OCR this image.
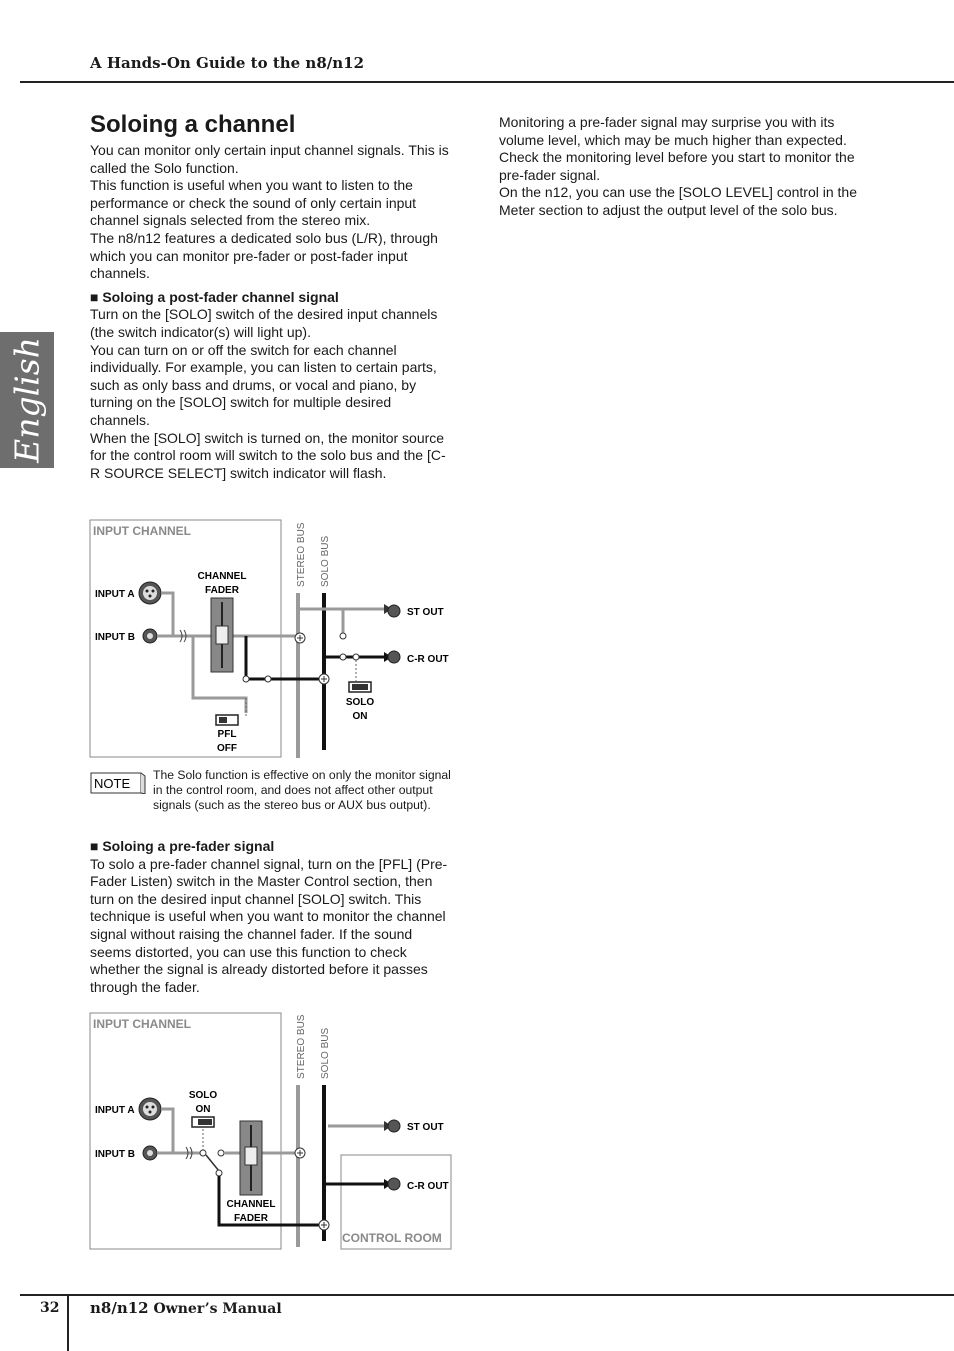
A Hands-On Guide to the n8/n12
English
Soloing a channel

You can monitor only certain input channel signals. This is called the Solo function.

This function is useful when you want to listen to the performance or check the sound of only certain input channel signals selected from the stereo mix.

The n8/n12 features a dedicated solo bus (L/R), through which you can monitor pre-fader or post-fader input channels.

■ Soloing a post-fader channel signal

Turn on the [SOLO] switch of the desired input channels (the switch indicator(s) will light up).

You can turn on or off the switch for each channel individually. For example, you can listen to certain parts, such as only bass and drums, or vocal and piano, by turning on the [SOLO] switch for multiple desired channels.

When the [SOLO] switch is turned on, the monitor source for the control room will switch to the solo bus and the [C-R SOURCE SELECT] switch indicator will flash.

INPUT CHANNEL	STEREO BUS SOLO BUS
INPUT A
INPUT B
CHANNEL
FADER
ST OUT
C-R OUT
SOLO
ON
PFL
OFF
NOTE
The Solo function is effective on only the monitor signal in the control room, and does not affect other output signals (such as the stereo bus or AUX bus output).

■ Soloing a pre-fader signal

To solo a pre-fader channel signal, turn on the [PFL] (Pre-Fader Listen) switch in the Master Control section, then turn on the desired input channel [SOLO] switch. This technique is useful when you want to monitor the channel signal without raising the channel fader. If the sound seems distorted, you can use this function to check whether the signal is already distorted before it passes through the fader.

INPUT CHANNEL	STEREO BUS SOLO BUS
CONTROL ROOM
INPUT A
INPUT B
SOLO
ON
CHANNEL
FADER
ST OUT
C-R OUT

Monitoring a pre-fader signal may surprise you with its volume level, which may be much higher than expected. Check the monitoring level before you start to monitor the pre-fader signal.

On the n12, you can use the [SOLO LEVEL] control in the Meter section to adjust the output level of the solo bus.

32 n8/n12 Owner’s Manual
